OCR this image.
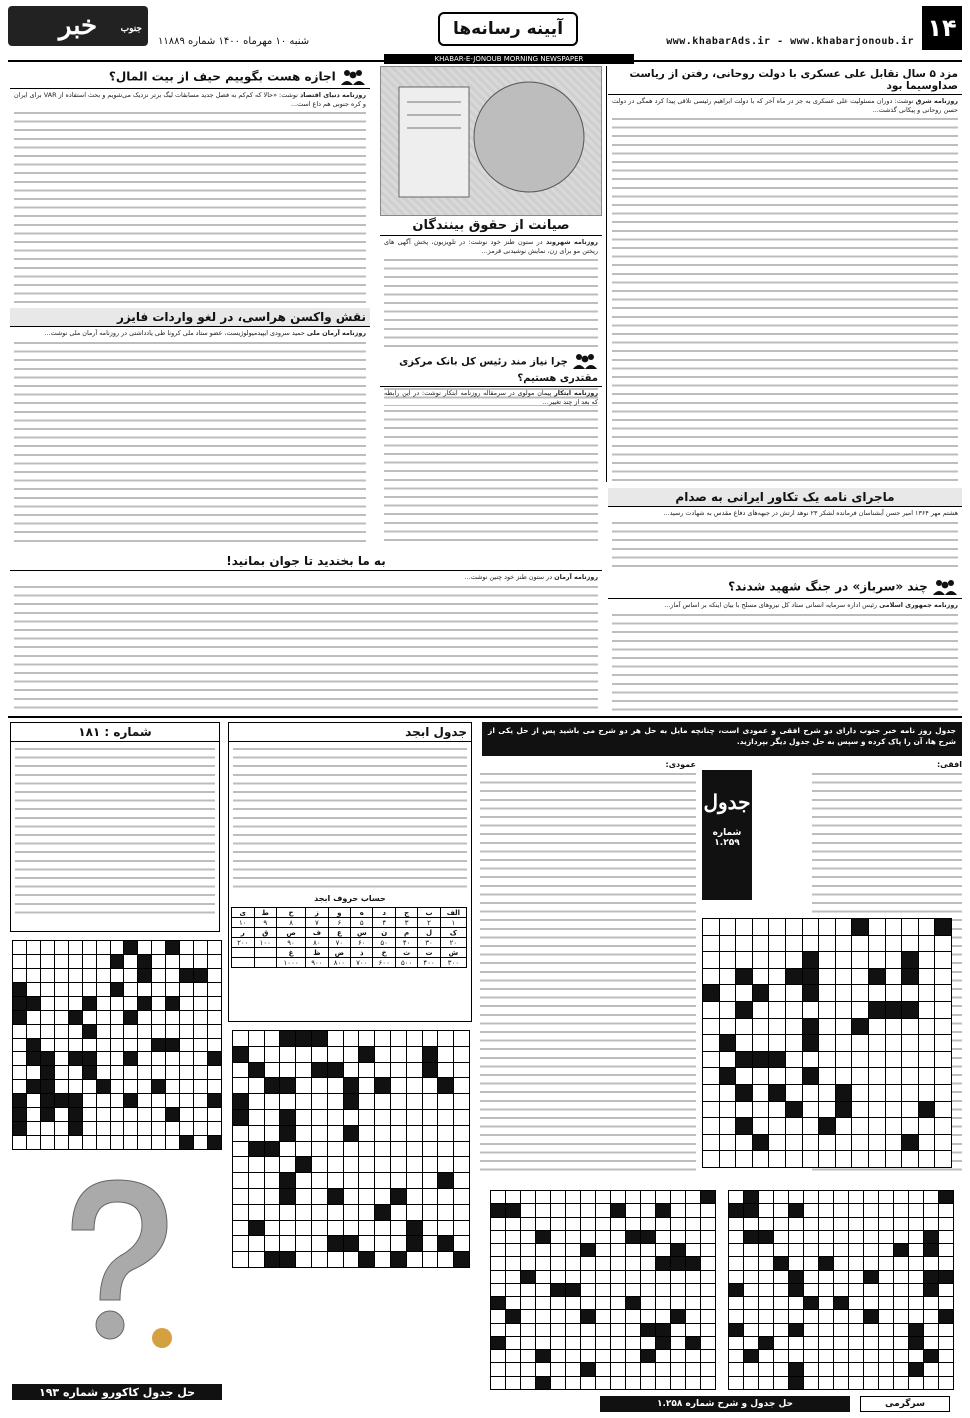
۱۴
www.khabarAds.ir - www.khabarjonoub.ir
آیینه رسانه‌ها
KHABAR-E-JONOUB MORNING NEWSPAPER
خبر	جنوب
شنبه ۱۰ مهرماه ۱۴۰۰ شماره ۱۱۸۸۹
مزد ۵ سال تقابل علی عسکری با دولت روحانی، رفتن از ریاست صداوسیما بود
روزنامه شرق نوشت: دوران مسئولیت علی عسکری به جز در ماه آخر که با دولت ابراهیم رئیسی تلاقی پیدا کرد همگی در دولت حسن روحانی و پیکانی گذشت...
صیانت از حقوق بینندگان
روزنامه شهروند در ستون طنز خود نوشت: در تلویزیون، پخش آگهی های ریختن مو برای زن، نمایش نوشیدنی قرمز...
اجازه هست بگوییم حیف از بیت المال؟
روزنامه دنیای اقتصاد نوشت: «حالا که کم‌کم به فصل جدید مسابقات لیگ برتر نزدیک می‌شویم و بحث استفاده از VAR برای ایران و کره جنوبی هم داغ است...
نقش واکسن هراسی، در لغو واردات فایزر
روزنامه آرمان ملی حمید سرودی ایپیدمیولوژیست، عضو ستاد ملی کرونا طی یادداشتی در روزنامه آرمان ملی نوشت...
چرا نیاز مند رئیس کل بانک مرکزی مقتدری هستیم؟
روزنامه ابتکار پیمان مولوی در سرمقاله روزنامه ابتکار نوشت: در این رابطه که بعد از چند تغییر...
ماجرای نامه یک تکاور ایرانی به صدام
هشتم مهر ۱۳۶۴ امیر حسن آبشناسان فرمانده لشکر ۲۳ نوهد ارتش در جبهه‌های دفاع مقدس به شهادت رسید...
به ما بخندید تا جوان بمانید!
روزنامه آرمان در ستون طنز خود چنین نوشت...
چند «سرباز» در جنگ شهید شدند؟
روزنامه جمهوری اسلامی رئیس اداره سرمایه انسانی ستاد کل نیروهای مسلح با بیان اینکه بر اساس آمار...
شماره : ۱۸۱	جدول ابجد
حساب حروف ابجد
الف	ب	ج	د	ه	و	ز	ح	ط	ی
۱	۲	۳	۴	۵	۶	۷	۸	۹	۱۰
ک	ل	م	ن	س	ع	ف	ص	ق	ر
۲۰	۳۰	۴۰	۵۰	۶۰	۷۰	۸۰	۹۰	۱۰۰	۲۰۰
ش	ت	ث	خ	ذ	ض	ظ	غ		
۳۰۰	۴۰۰	۵۰۰	۶۰۰	۷۰۰	۸۰۰	۹۰۰	۱۰۰۰		
حل جدول کاکورو شماره ۱۹۳
جدول روز نامه خبر جنوب دارای دو شرح افقی و عمودی است، چنانچه مایل به حل هر دو شرح می باشید پس از حل یکی از شرح ها، آن را پاک کرده و سپس به حل جدول دیگر بپردازید.
افقی:
جدول
شماره ۱.۲۵۹
عمودی:
حل جدول و شرح شماره ۱.۲۵۸	سرگرمی
